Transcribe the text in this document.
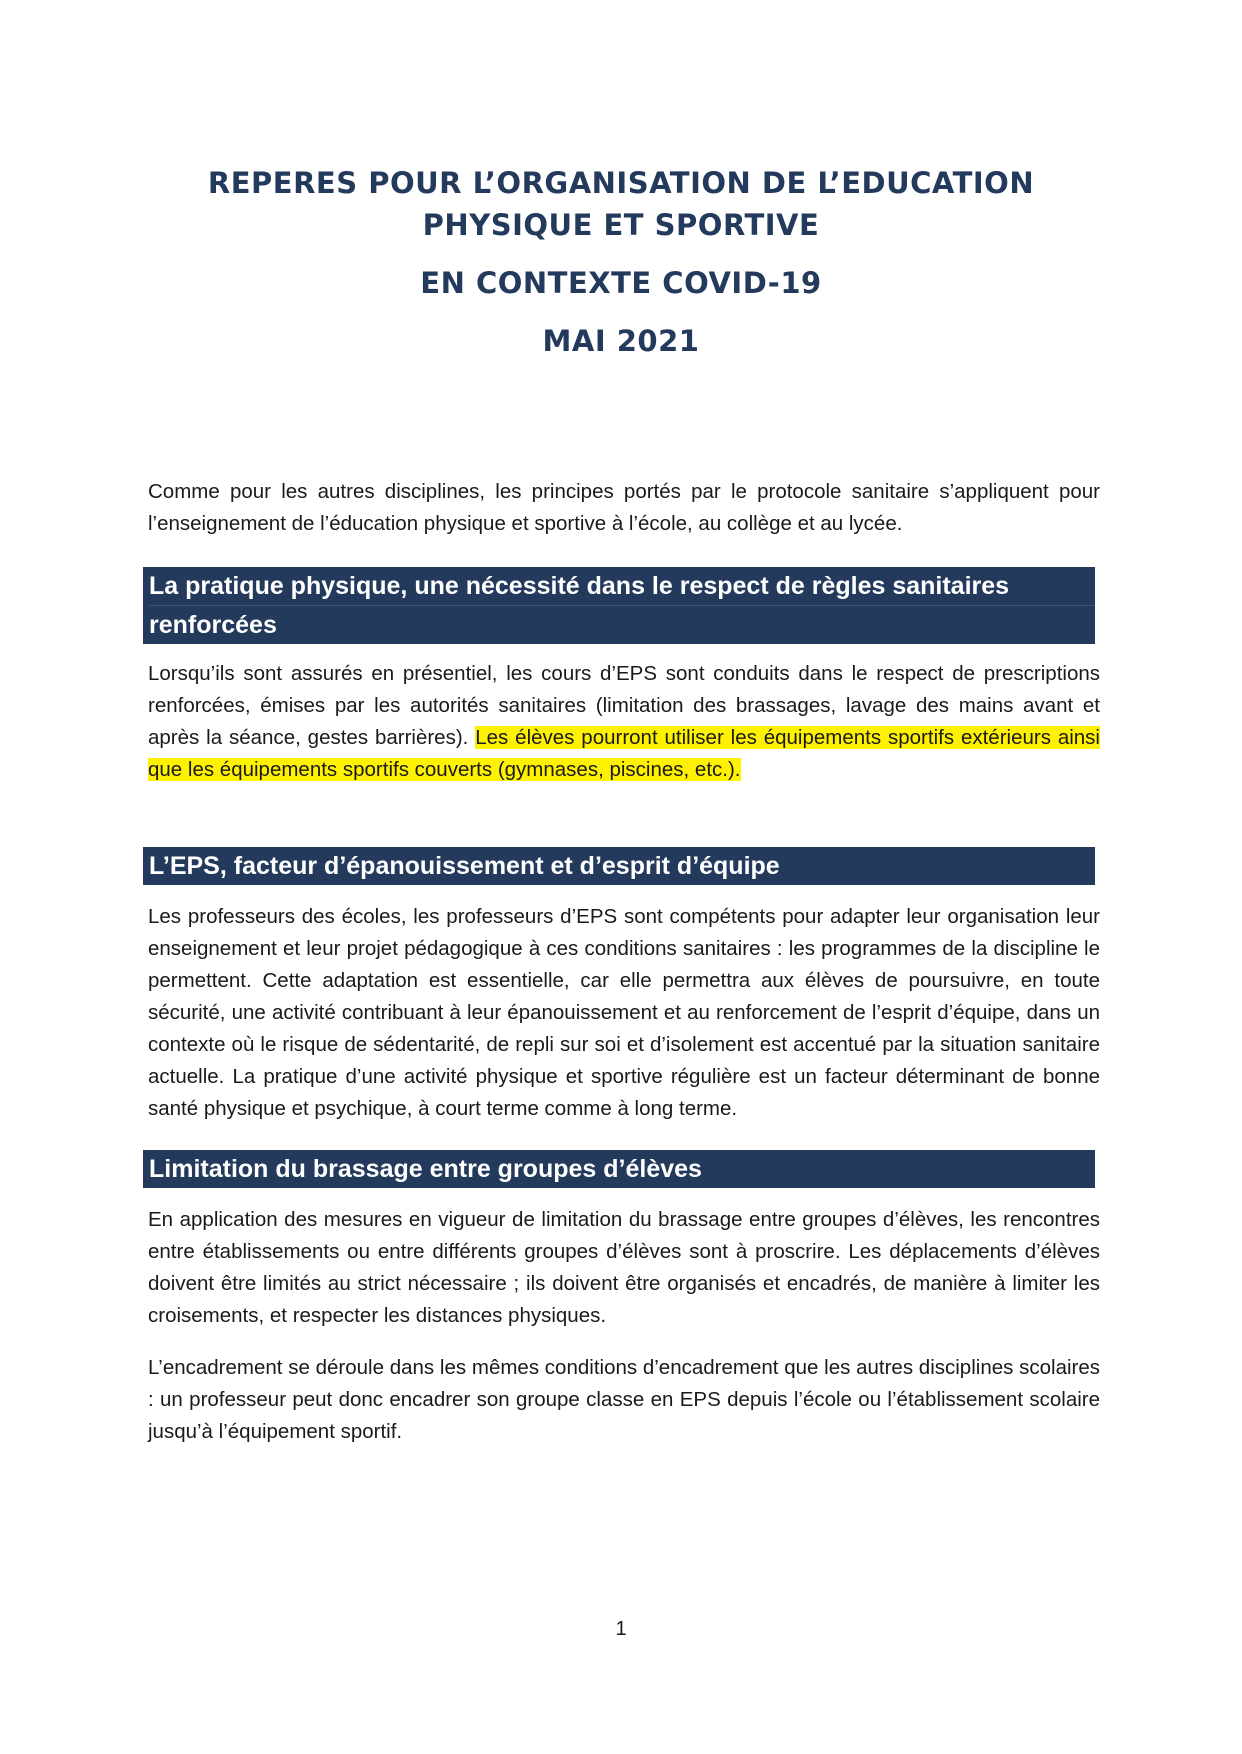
REPERES POUR L’ORGANISATION DE L’EDUCATION
PHYSIQUE ET SPORTIVE
EN CONTEXTE COVID-19
MAI 2021

Comme pour les autres disciplines, les principes portés par le protocole sanitaire s’appliquent pour l’enseignement de l’éducation physique et sportive à l’école, au collège et au lycée.

La pratique physique, une nécessité dans le respect de règles sanitaires
renforcées

Lorsqu’ils sont assurés en présentiel, les cours d’EPS sont conduits dans le respect de prescriptions renforcées, émises par les autorités sanitaires (limitation des brassages, lavage des mains avant et après la séance, gestes barrières). Les élèves pourront utiliser les équipements sportifs extérieurs ainsi que les équipements sportifs couverts (gymnases, piscines, etc.).

L’EPS, facteur d’épanouissement et d’esprit d’équipe

Les professeurs des écoles, les professeurs d’EPS sont compétents pour adapter leur organisation leur enseignement et leur projet pédagogique à ces conditions sanitaires : les programmes de la discipline le permettent. Cette adaptation est essentielle, car elle permettra aux élèves de poursuivre, en toute sécurité, une activité contribuant à leur épanouissement et au renforcement de l’esprit d’équipe, dans un contexte où le risque de sédentarité, de repli sur soi et d’isolement est accentué par la situation sanitaire actuelle. La pratique d’une activité physique et sportive régulière est un facteur déterminant de bonne santé physique et psychique, à court terme comme à long terme.

Limitation du brassage entre groupes d’élèves

En application des mesures en vigueur de limitation du brassage entre groupes d’élèves, les rencontres entre établissements ou entre différents groupes d’élèves sont à proscrire. Les déplacements d’élèves doivent être limités au strict nécessaire ; ils doivent être organisés et encadrés, de manière à limiter les croisements, et respecter les distances physiques.

L’encadrement se déroule dans les mêmes conditions d’encadrement que les autres disciplines scolaires : un professeur peut donc encadrer son groupe classe en EPS depuis l’école ou l’établissement scolaire jusqu’à l’équipement sportif.

1
